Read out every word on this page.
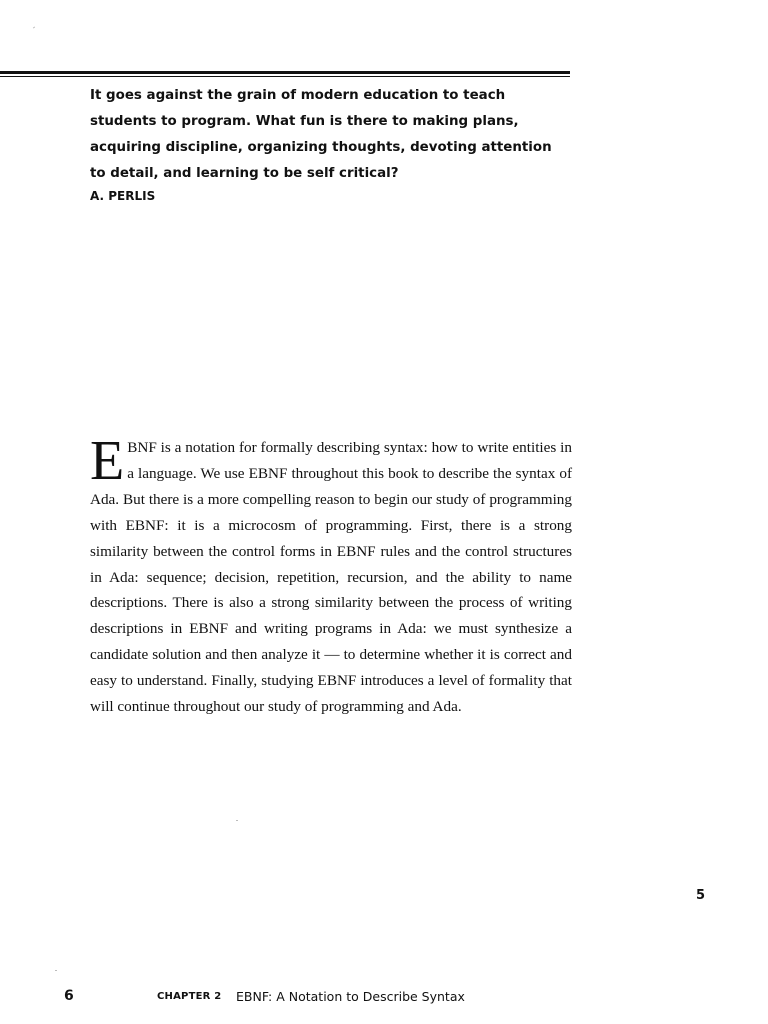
It goes against the grain of modern education to teach students to program. What fun is there to making plans, acquiring discipline, organizing thoughts, devoting attention to detail, and learning to be self critical?
A. PERLIS
EBNF is a notation for formally describing syntax: how to write entities in a language. We use EBNF throughout this book to describe the syntax of Ada. But there is a more compelling reason to begin our study of programming with EBNF: it is a microcosm of programming. First, there is a strong similarity between the control forms in EBNF rules and the control structures in Ada: sequence; decision, repetition, recursion, and the ability to name descriptions. There is also a strong similarity between the process of writing descriptions in EBNF and writing programs in Ada: we must synthesize a candidate solution and then analyze it — to determine whether it is correct and easy to understand. Finally, studying EBNF introduces a level of formality that will continue throughout our study of programming and Ada.
5
6	CHAPTER 2 EBNF: A Notation to Describe Syntax
